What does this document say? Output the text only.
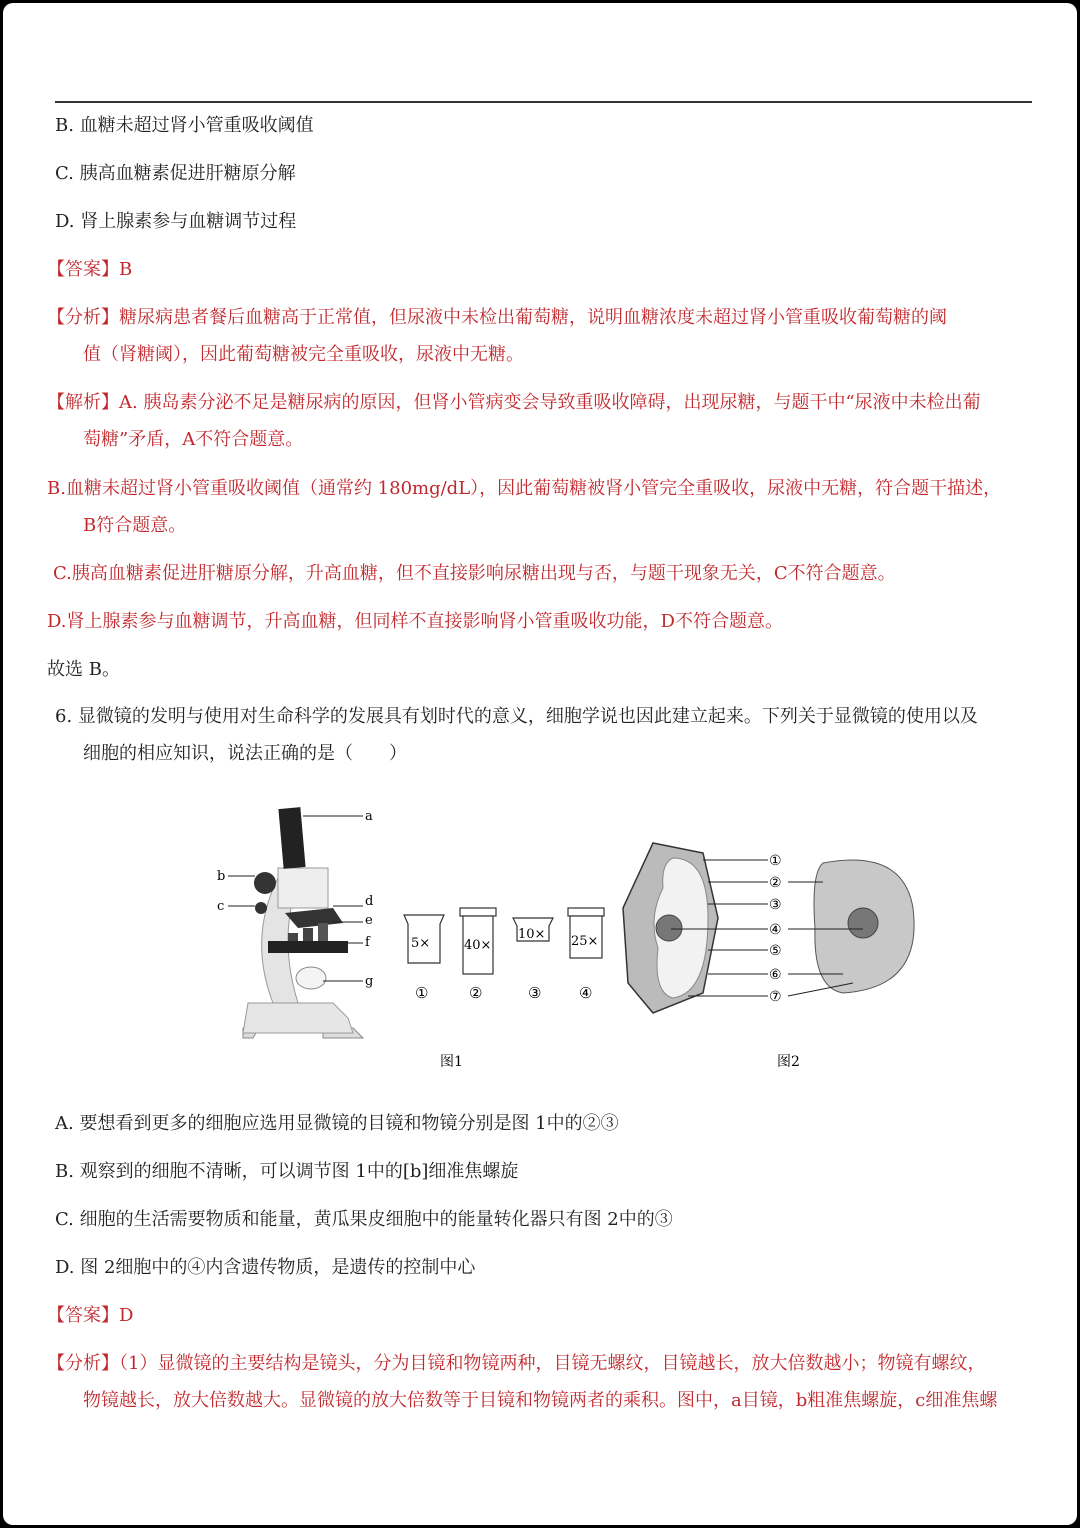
B. 血糖未超过肾小管重吸收阈值
C. 胰高血糖素促进肝糖原分解
D. 肾上腺素参与血糖调节过程
【答案】B
【分析】糖尿病患者餐后血糖高于正常值，但尿液中未检出葡萄糖，说明血糖浓度未超过肾小管重吸收葡萄糖的阈
值（肾糖阈），因此葡萄糖被完全重吸收，尿液中无糖。
【解析】A. 胰岛素分泌不足是糖尿病的原因，但肾小管病变会导致重吸收障碍，出现尿糖，与题干中“尿液中未检出葡
萄糖”矛盾，A不符合题意。
B.血糖未超过肾小管重吸收阈值（通常约 180mg/dL），因此葡萄糖被肾小管完全重吸收，尿液中无糖，符合题干描述，
B符合题意。
C.胰高血糖素促进肝糖原分解，升高血糖，但不直接影响尿糖出现与否，与题干现象无关，C不符合题意。
D.肾上腺素参与血糖调节，升高血糖，但同样不直接影响肾小管重吸收功能，D不符合题意。
故选 B。
6. 显微镜的发明与使用对生命科学的发展具有划时代的意义，细胞学说也因此建立起来。下列关于显微镜的使用以及
细胞的相应知识，说法正确的是（　　）
a
b
c	d
e
f
g
5×	40×
10× 25×
①	②	③	④
图1
①
②
③
④
⑤
⑥
⑦
图2
A. 要想看到更多的细胞应选用显微镜的目镜和物镜分别是图 1中的②③
B. 观察到的细胞不清晰，可以调节图 1中的[b]细准焦螺旋
C. 细胞的生活需要物质和能量，黄瓜果皮细胞中的能量转化器只有图 2中的③
D. 图 2细胞中的④内含遗传物质，是遗传的控制中心
【答案】D
【分析】（1）显微镜的主要结构是镜头，分为目镜和物镜两种，目镜无螺纹，目镜越长，放大倍数越小；物镜有螺纹，
物镜越长，放大倍数越大。显微镜的放大倍数等于目镜和物镜两者的乘积。图中，a目镜，b粗准焦螺旋，c细准焦螺
